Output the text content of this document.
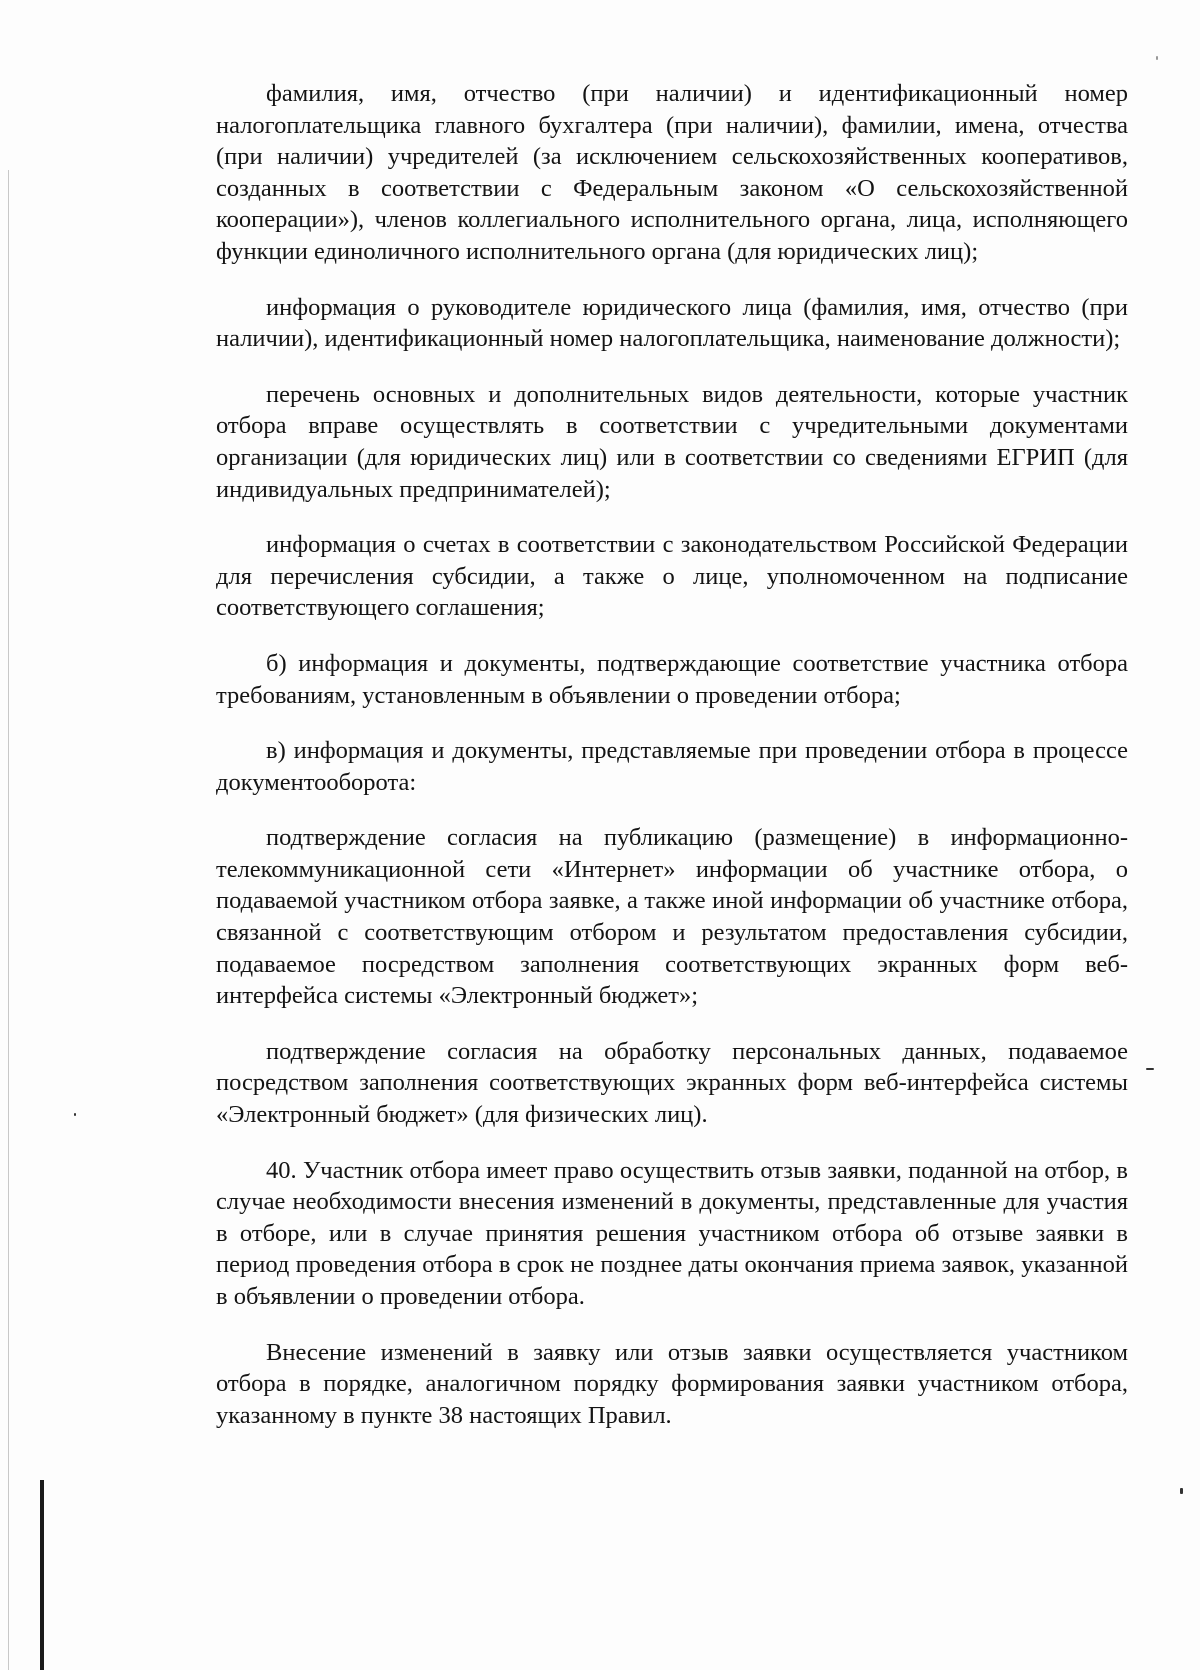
фамилия, имя, отчество (при наличии) и идентификационный номер налогоплательщика главного бухгалтера (при наличии), фамилии, имена, отчества (при наличии) учредителей (за исключением сельскохозяйственных кооперативов, созданных в соответствии с Федеральным законом «О сельскохозяйственной кооперации»), членов коллегиального исполнительного органа, лица, исполняющего функции единоличного исполнительного органа (для юридических лиц);

информация о руководителе юридического лица (фамилия, имя, отчество (при наличии), идентификационный номер налогоплательщика, наименование должности);

перечень основных и дополнительных видов деятельности, которые участник отбора вправе осуществлять в соответствии с учредительными документами организации (для юридических лиц) или в соответствии со сведениями ЕГРИП (для индивидуальных предпринимателей);

информация о счетах в соответствии с законодательством Российской Федерации для перечисления субсидии, а также о лице, уполномоченном на подписание соответствующего соглашения;

б) информация и документы, подтверждающие соответствие участника отбора требованиям, установленным в объявлении о проведении отбора;

в) информация и документы, представляемые при проведении отбора в процессе документооборота:

подтверждение согласия на публикацию (размещение) в информационно-телекоммуникационной сети «Интернет» информации об участнике отбора, о подаваемой участником отбора заявке, а также иной информации об участнике отбора, связанной с соответствующим отбором и результатом предоставления субсидии, подаваемое посредством заполнения соответствующих экранных форм веб-интерфейса системы «Электронный бюджет»;

подтверждение согласия на обработку персональных данных, подаваемое посредством заполнения соответствующих экранных форм веб-интерфейса системы «Электронный бюджет» (для физических лиц).

40. Участник отбора имеет право осуществить отзыв заявки, поданной на отбор, в случае необходимости внесения изменений в документы, представленные для участия в отборе, или в случае принятия решения участником отбора об отзыве заявки в период проведения отбора в срок не позднее даты окончания приема заявок, указанной в объявлении о проведении отбора.

Внесение изменений в заявку или отзыв заявки осуществляется участником отбора в порядке, аналогичном порядку формирования заявки участником отбора, указанному в пункте 38 настоящих Правил.
